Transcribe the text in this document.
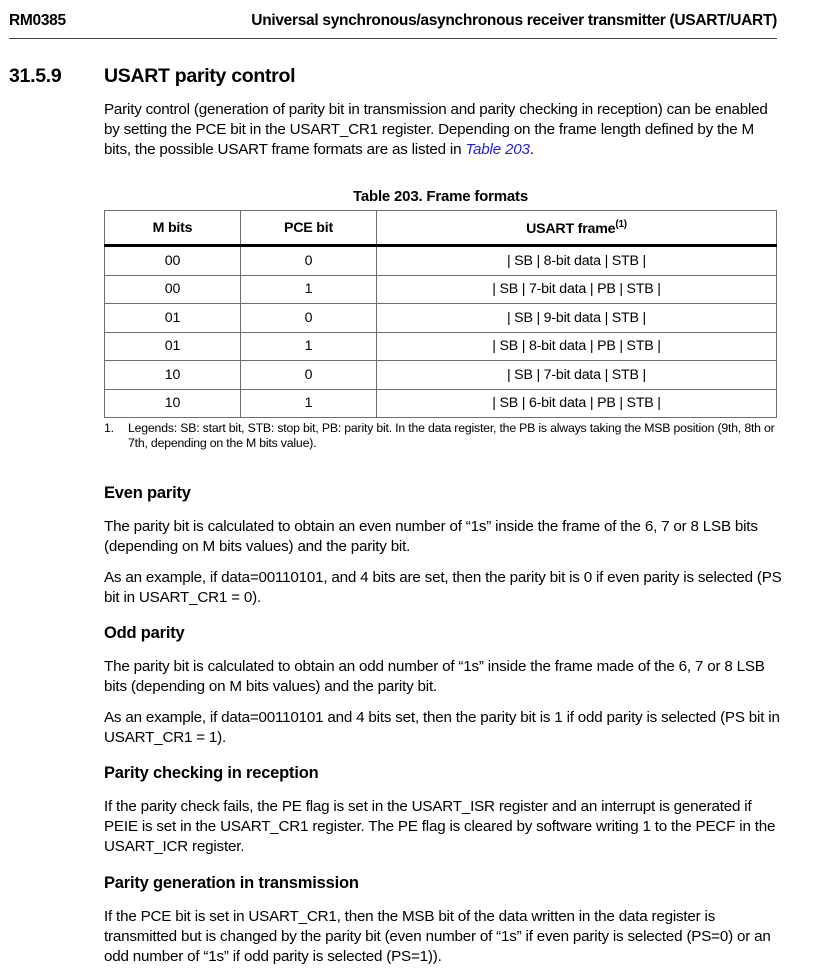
RM0385	Universal synchronous/asynchronous receiver transmitter (USART/UART)
31.5.9 USART parity control
Parity control (generation of parity bit in transmission and parity checking in reception) can be enabled by setting the PCE bit in the USART_CR1 register. Depending on the frame length defined by the M bits, the possible USART frame formats are as listed in Table 203.
Table 203. Frame formats
M bits	PCE bit	USART frame$^{(1)}$
00	0	| SB | 8-bit data | STB |
00	1	| SB | 7-bit data | PB | STB |
01	0	| SB | 9-bit data | STB |
01	1	| SB | 8-bit data | PB | STB |
10	0	| SB | 7-bit data | STB |
10	1	| SB | 6-bit data | PB | STB |
1. Legends: SB: start bit, STB: stop bit, PB: parity bit. In the data register, the PB is always taking the MSB position (9th, 8th or 7th, depending on the M bits value).
Even parity
The parity bit is calculated to obtain an even number of “1s” inside the frame of the 6, 7 or 8 LSB bits (depending on M bits values) and the parity bit.
As an example, if data=00110101, and 4 bits are set, then the parity bit is 0 if even parity is selected (PS bit in USART_CR1 = 0).
Odd parity
The parity bit is calculated to obtain an odd number of “1s” inside the frame made of the 6, 7 or 8 LSB bits (depending on M bits values) and the parity bit.
As an example, if data=00110101 and 4 bits set, then the parity bit is 1 if odd parity is selected (PS bit in USART_CR1 = 1).
Parity checking in reception
If the parity check fails, the PE flag is set in the USART_ISR register and an interrupt is generated if PEIE is set in the USART_CR1 register. The PE flag is cleared by software writing 1 to the PECF in the USART_ICR register.
Parity generation in transmission
If the PCE bit is set in USART_CR1, then the MSB bit of the data written in the data register is transmitted but is changed by the parity bit (even number of “1s” if even parity is selected (PS=0) or an odd number of “1s” if odd parity is selected (PS=1)).
